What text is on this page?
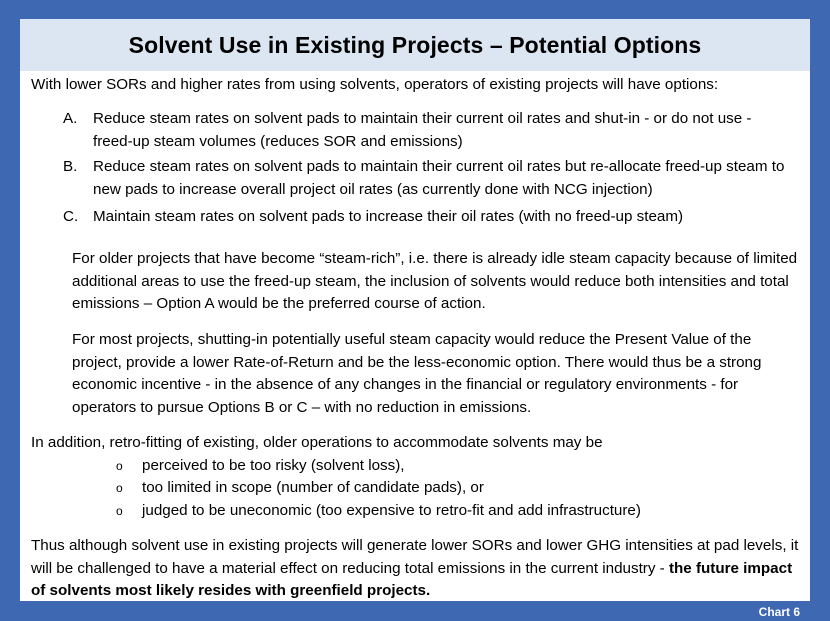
Solvent Use in Existing Projects – Potential Options
With lower SORs and higher rates from using solvents, operators of existing projects will have options:
A. Reduce steam rates on solvent pads to maintain their current oil rates and shut-in - or do not use - freed-up steam volumes (reduces SOR and emissions)
B. Reduce steam rates on solvent pads to maintain their current oil rates but re-allocate freed-up steam to new pads to increase overall project oil rates (as currently done with NCG injection)
C. Maintain steam rates on solvent pads to increase their oil rates (with no freed-up steam)
For older projects that have become “steam-rich”, i.e. there is already idle steam capacity because of limited additional areas to use the freed-up steam, the inclusion of solvents would reduce both intensities and total emissions – Option A would be the preferred course of action.
For most projects, shutting-in potentially useful steam capacity would reduce the Present Value of the project, provide a lower Rate-of-Return and be the less-economic option. There would thus be a strong economic incentive - in the absence of any changes in the financial or regulatory environments - for operators to pursue Options B or C – with no reduction in emissions.
In addition, retro-fitting of existing, older operations to accommodate solvents may be
o perceived to be too risky (solvent loss),
o too limited in scope (number of candidate pads), or
o judged to be uneconomic (too expensive to retro-fit and add infrastructure)
Thus although solvent use in existing projects will generate lower SORs and lower GHG intensities at pad levels, it will be challenged to have a material effect on reducing total emissions in the current industry - the future impact of solvents most likely resides with greenfield projects.
Chart 6
